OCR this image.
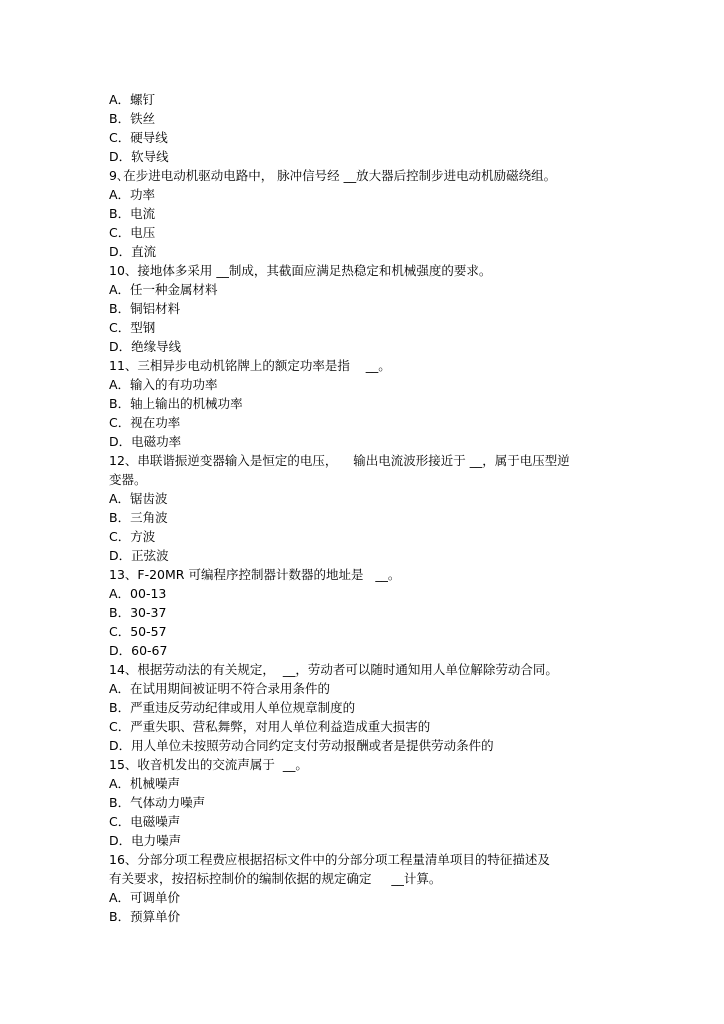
A．螺钉
B．铁丝
C．硬导线
D．软导线
9､在步进电动机驱动电路中， 脉冲信号经 __放大器后控制步进电动机励磁绕组。
A．功率
B．电流
C．电压
D．直流
10、接地体多采用 __制成，其截面应满足热稳定和机械强度的要求。
A．任一种金属材料
B．铜铝材料
C．型钢
D．绝缘导线
11、三相异步电动机铭牌上的额定功率是指    __。
A．输入的有功功率
B．轴上输出的机械功率
C．视在功率
D．电磁功率
12、串联谐振逆变器输入是恒定的电压，    输出电流波形接近于 __，属于电压型逆
变器。
A．锯齿波
B．三角波
C．方波
D．正弦波
13、F-20MR 可编程序控制器计数器的地址是   __。
A．00-13
B．30-37
C．50-57
D．60-67
14、根据劳动法的有关规定，  __，劳动者可以随时通知用人单位解除劳动合同。
A．在试用期间被证明不符合录用条件的
B．严重违反劳动纪律或用人单位规章制度的
C．严重失职、营私舞弊，对用人单位利益造成重大损害的
D．用人单位未按照劳动合同约定支付劳动报酬或者是提供劳动条件的
15、收音机发出的交流声属于  __。
A．机械噪声
B．气体动力噪声
C．电磁噪声
D．电力噪声
16、分部分项工程费应根据招标文件中的分部分项工程量清单项目的特征描述及
有关要求，按招标控制价的编制依据的规定确定     __计算。
A．可调单价
B．预算单价
